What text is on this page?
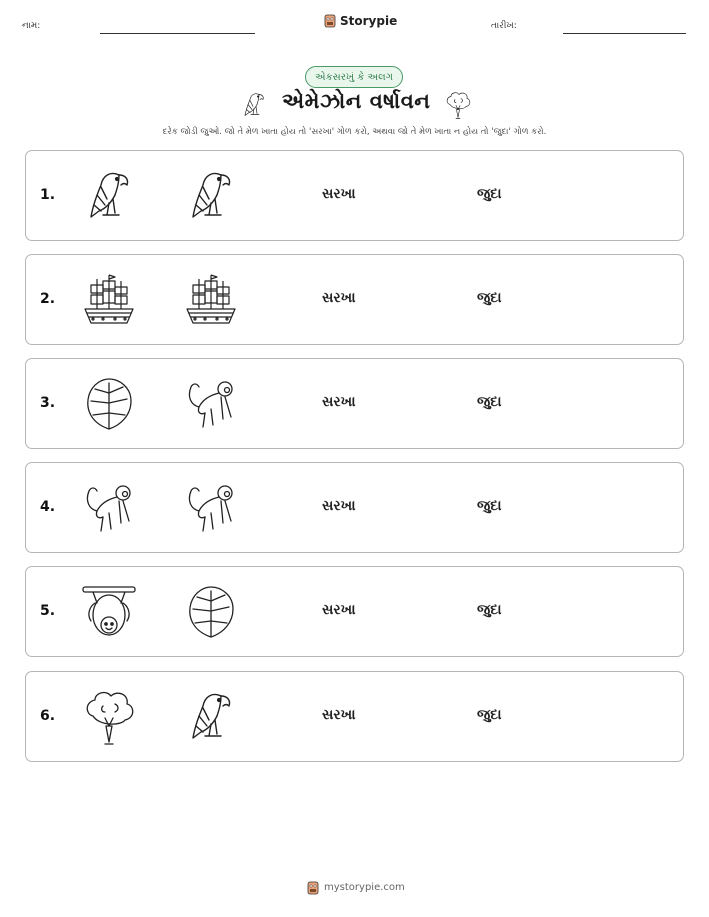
નામ:	Storypie	તારીખ:
એકસરખું કે અલગ
એમેઝોન વર્ષાવન
દરેક જોડી જુઓ. જો તે મેળ ખાતા હોય તો 'સરખા' ગોળ કરો, અથવા જો તે મેળ ખાતા ન હોય તો 'જુદા' ગોળ કરો.
1.	સરખા	જુદા
2.	સરખા	જુદા
3.	સરખા	જુદા
4.	સરખા	જુદા
5.	સરખા	જુદા
6.	સરખા	જુદા
mystorypie.com
